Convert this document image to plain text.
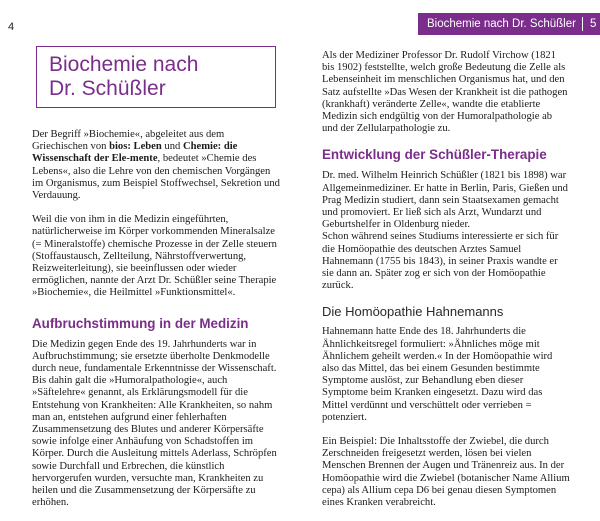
4	Biochemie nach Dr. Schüßler 5
Biochemie nach
Dr. Schüßler

Der Begriff »Biochemie«, abgeleitet aus dem Griechischen von bios: Leben und Chemie: die Wissenschaft der Ele-mente, bedeutet »Chemie des Lebens«, also die Lehre von den chemischen Vorgängen im Organismus, zum Beispiel Stoffwechsel, Sekretion und Verdauung.

Weil die von ihm in die Medizin eingeführten, natürlicherweise im Körper vorkommenden Mineralsalze (= Mineralstoffe) chemische Prozesse in der Zelle steuern (Stoffaustausch, Zellteilung, Nährstoffverwertung, Reizweiterleitung), sie beeinflussen oder wieder ermöglichen, nannte der Arzt Dr. Schüßler seine Therapie »Biochemie«, die Heilmittel »Funktionsmittel«.

Aufbruchstimmung in der Medizin

Die Medizin gegen Ende des 19. Jahrhunderts war in Aufbruchstimmung; sie ersetzte überholte Denkmodelle durch neue, fundamentale Erkenntnisse der Wissenschaft. Bis dahin galt die »Humoralpathologie«, auch »Säftelehre« genannt, als Erklärungsmodell für die Entstehung von Krankheiten: Alle Krankheiten, so nahm man an, entstehen aufgrund einer fehlerhaften Zusammensetzung des Blutes und anderer Körpersäfte sowie infolge einer Anhäufung von Schadstoffen im Körper. Durch die Ausleitung mittels Aderlass, Schröpfen sowie Durchfall und Erbrechen, die künstlich hervorgerufen wurden, versuchte man, Krankheiten zu heilen und die Zusammensetzung der Körpersäfte zu erhöhen.

Als der Mediziner Professor Dr. Rudolf Virchow (1821 bis 1902) feststellte, welch große Bedeutung die Zelle als Lebenseinheit im menschlichen Organismus hat, und den Satz aufstellte »Das Wesen der Krankheit ist die pathogen (krankhaft) veränderte Zelle«, wandte die etablierte Medizin sich endgültig von der Humoralpathologie ab und der Zellularpathologie zu.

Entwicklung der Schüßler-Therapie

Dr. med. Wilhelm Heinrich Schüßler (1821 bis 1898) war Allgemeinmediziner. Er hatte in Berlin, Paris, Gießen und Prag Medizin studiert, dann sein Staatsexamen gemacht und promoviert. Er ließ sich als Arzt, Wundarzt und Geburtshelfer in Oldenburg nieder.

Schon während seines Studiums interessierte er sich für die Homöopathie des deutschen Arztes Samuel Hahnemann (1755 bis 1843), in seiner Praxis wandte er sie dann an. Später zog er sich von der Homöopathie zurück.

Die Homöopathie Hahnemanns

Hahnemann hatte Ende des 18. Jahrhunderts die Ähnlichkeitsregel formuliert: »Ähnliches möge mit Ähnlichem geheilt werden.« In der Homöopathie wird also das Mittel, das bei einem Gesunden bestimmte Symptome auslöst, zur Behandlung eben dieser Symptome beim Kranken eingesetzt. Dazu wird das Mittel verdünnt und verschüttelt oder verrieben = potenziert.

Ein Beispiel: Die Inhaltsstoffe der Zwiebel, die durch Zerschneiden freigesetzt werden, lösen bei vielen Menschen Brennen der Augen und Tränenreiz aus. In der Homöopathie wird die Zwiebel (botanischer Name Allium cepa) als Allium cepa D6 bei genau diesen Symptomen eines Kranken verabreicht.
